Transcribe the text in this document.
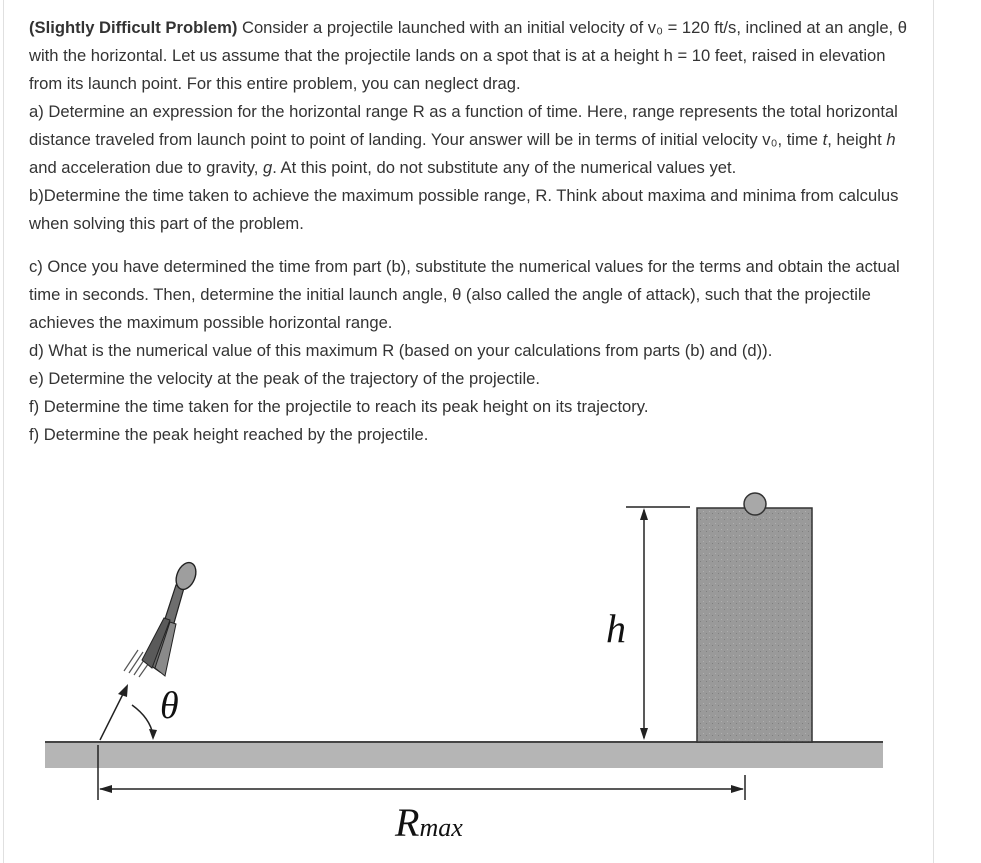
(Slightly Difficult Problem) Consider a projectile launched with an initial velocity of v₀ = 120 ft/s, inclined at an angle, θ with the horizontal. Let us assume that the projectile lands on a spot that is at a height h = 10 feet, raised in elevation from its launch point. For this entire problem, you can neglect drag.

a) Determine an expression for the horizontal range R as a function of time. Here, range represents the total horizontal distance traveled from launch point to point of landing. Your answer will be in terms of initial velocity v₀, time t, height h and acceleration due to gravity, g. At this point, do not substitute any of the numerical values yet.

b)Determine the time taken to achieve the maximum possible range, R. Think about maxima and minima from calculus when solving this part of the problem.

c) Once you have determined the time from part (b), substitute the numerical values for the terms and obtain the actual time in seconds. Then, determine the initial launch angle, θ (also called the angle of attack), such that the projectile achieves the maximum possible horizontal range.

d) What is the numerical value of this maximum R (based on your calculations from parts (b) and (d)).

e) Determine the velocity at the peak of the trajectory of the projectile.

f) Determine the time taken for the projectile to reach its peak height on its trajectory.

f) Determine the peak height reached by the projectile.

h
Rmax
θ
